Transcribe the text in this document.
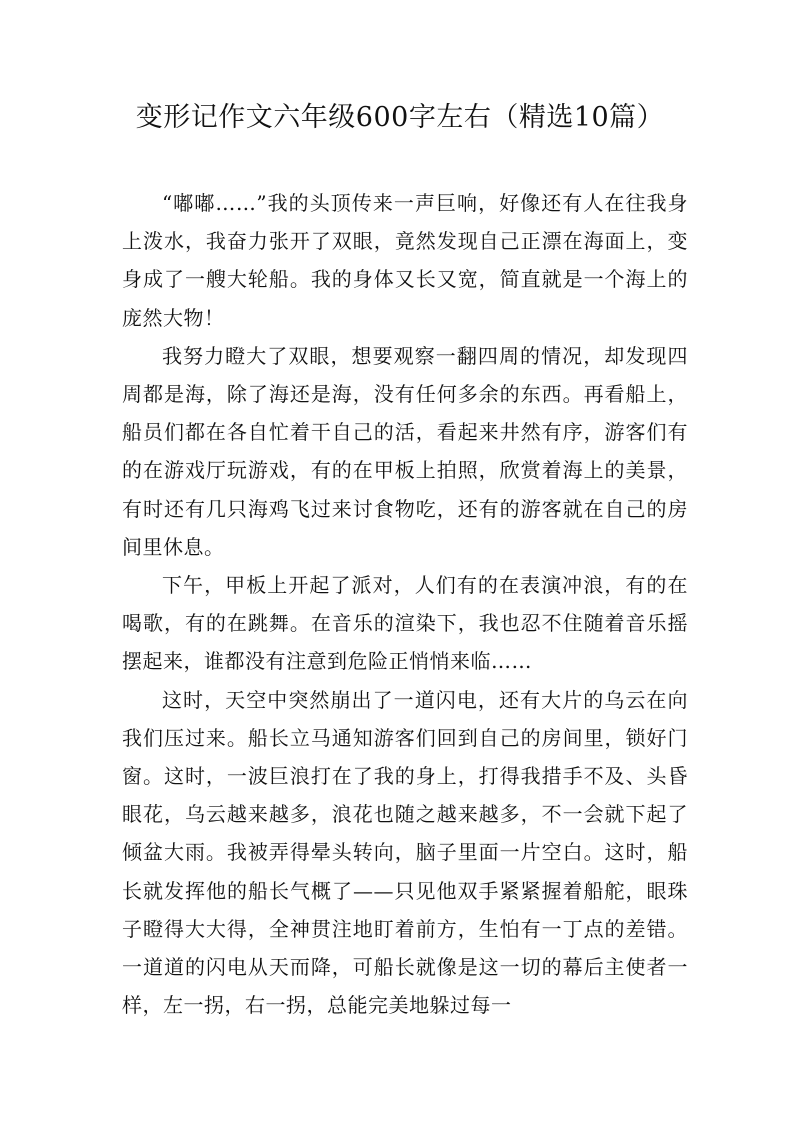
变形记作文六年级600字左右（精选10篇）

“嘟嘟……”我的头顶传来一声巨响，好像还有人在往我身上泼水，我奋力张开了双眼，竟然发现自己正漂在海面上，变身成了一艘大轮船。我的身体又长又宽，简直就是一个海上的庞然大物！

我努力瞪大了双眼，想要观察一翻四周的情况，却发现四周都是海，除了海还是海，没有任何多余的东西。再看船上，船员们都在各自忙着干自己的活，看起来井然有序，游客们有的在游戏厅玩游戏，有的在甲板上拍照，欣赏着海上的美景，有时还有几只海鸡飞过来讨食物吃，还有的游客就在自己的房间里休息。

下午，甲板上开起了派对，人们有的在表演冲浪，有的在喝歌，有的在跳舞。在音乐的渲染下，我也忍不住随着音乐摇摆起来，谁都没有注意到危险正悄悄来临……

这时，天空中突然崩出了一道闪电，还有大片的乌云在向我们压过来。船长立马通知游客们回到自己的房间里，锁好门窗。这时，一波巨浪打在了我的身上，打得我措手不及、头昏眼花，乌云越来越多，浪花也随之越来越多，不一会就下起了倾盆大雨。我被弄得晕头转向，脑子里面一片空白。这时，船长就发挥他的船长气概了——只见他双手紧紧握着船舵，眼珠子瞪得大大得，全神贯注地盯着前方，生怕有一丁点的差错。一道道的闪电从天而降，可船长就像是这一切的幕后主使者一样，左一拐，右一拐，总能完美地躲过每一
